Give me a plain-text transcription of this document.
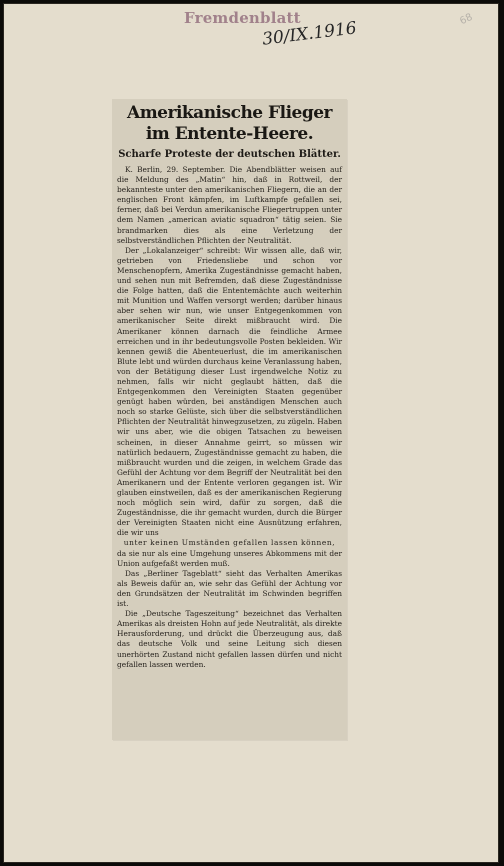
Fremdenblatt
30/IX.1916	68
Amerikanische Flieger im Entente-Heere.
Scharfe Proteste der deutschen Blätter.

K. Berlin, 29. September. Die Abendblätter weisen auf die Meldung des „Matin“ hin, daß in Rottweil, der bekannteste unter den amerikanischen Fliegern, die an der englischen Front kämpfen, im Luftkampfe gefallen sei, ferner, daß bei Verdun amerikanische Fliegertruppen unter dem Namen „american aviatic squadron“ tätig seien. Sie brandmarken dies als eine Verletzung der selbstverständlichen Pflichten der Neutralität.

Der „Lokalanzeiger“ schreibt: Wir wissen alle, daß wir, getrieben von Friedensliebe und schon vor Menschenopfern, Amerika Zugeständnisse gemacht haben, und sehen nun mit Befremden, daß diese Zugeständnisse die Folge hatten, daß die Ententemächte auch weiterhin mit Munition und Waffen versorgt werden; darüber hinaus aber sehen wir nun, wie unser Entgegenkommen von amerikanischer Seite direkt mißbraucht wird. Die Amerikaner können darnach die feindliche Armee erreichen und in ihr bedeutungsvolle Posten bekleiden. Wir kennen gewiß die Abenteuerlust, die im amerikanischen Blute lebt und würden durchaus keine Veranlassung haben, von der Betätigung dieser Lust irgendwelche Notiz zu nehmen, falls wir nicht geglaubt hätten, daß die Entgegenkommen den Vereinigten Staaten gegenüber genügt haben würden, bei anständigen Menschen auch noch so starke Gelüste, sich über die selbstverständlichen Pflichten der Neutralität hinwegzusetzen, zu zügeln. Haben wir uns aber, wie die obigen Tatsachen zu beweisen scheinen, in dieser Annahme geirrt, so müssen wir natürlich bedauern, Zugeständnisse gemacht zu haben, die mißbraucht wurden und die zeigen, in welchem Grade das Gefühl der Achtung vor dem Begriff der Neutralität bei den Amerikanern und der Entente verloren gegangen ist. Wir glauben einstweilen, daß es der amerikanischen Regierung noch möglich sein wird, dafür zu sorgen, daß die Zugeständnisse, die ihr gemacht wurden, durch die Bürger der Vereinigten Staaten nicht eine Ausnützung erfahren, die wir uns

unter keinen Umständen gefallen lassen können,

da sie nur als eine Umgehung unseres Abkommens mit der Union aufgefaßt werden muß.

Das „Berliner Tageblatt“ sieht das Verhalten Amerikas als Beweis dafür an, wie sehr das Gefühl der Achtung vor den Grundsätzen der Neutralität im Schwinden begriffen ist.

Die „Deutsche Tageszeitung“ bezeichnet das Verhalten Amerikas als dreisten Hohn auf jede Neutralität, als direkte Herausforderung, und drückt die Überzeugung aus, daß das deutsche Volk und seine Leitung sich diesen unerhörten Zustand nicht gefallen lassen dürfen und nicht gefallen lassen werden.
